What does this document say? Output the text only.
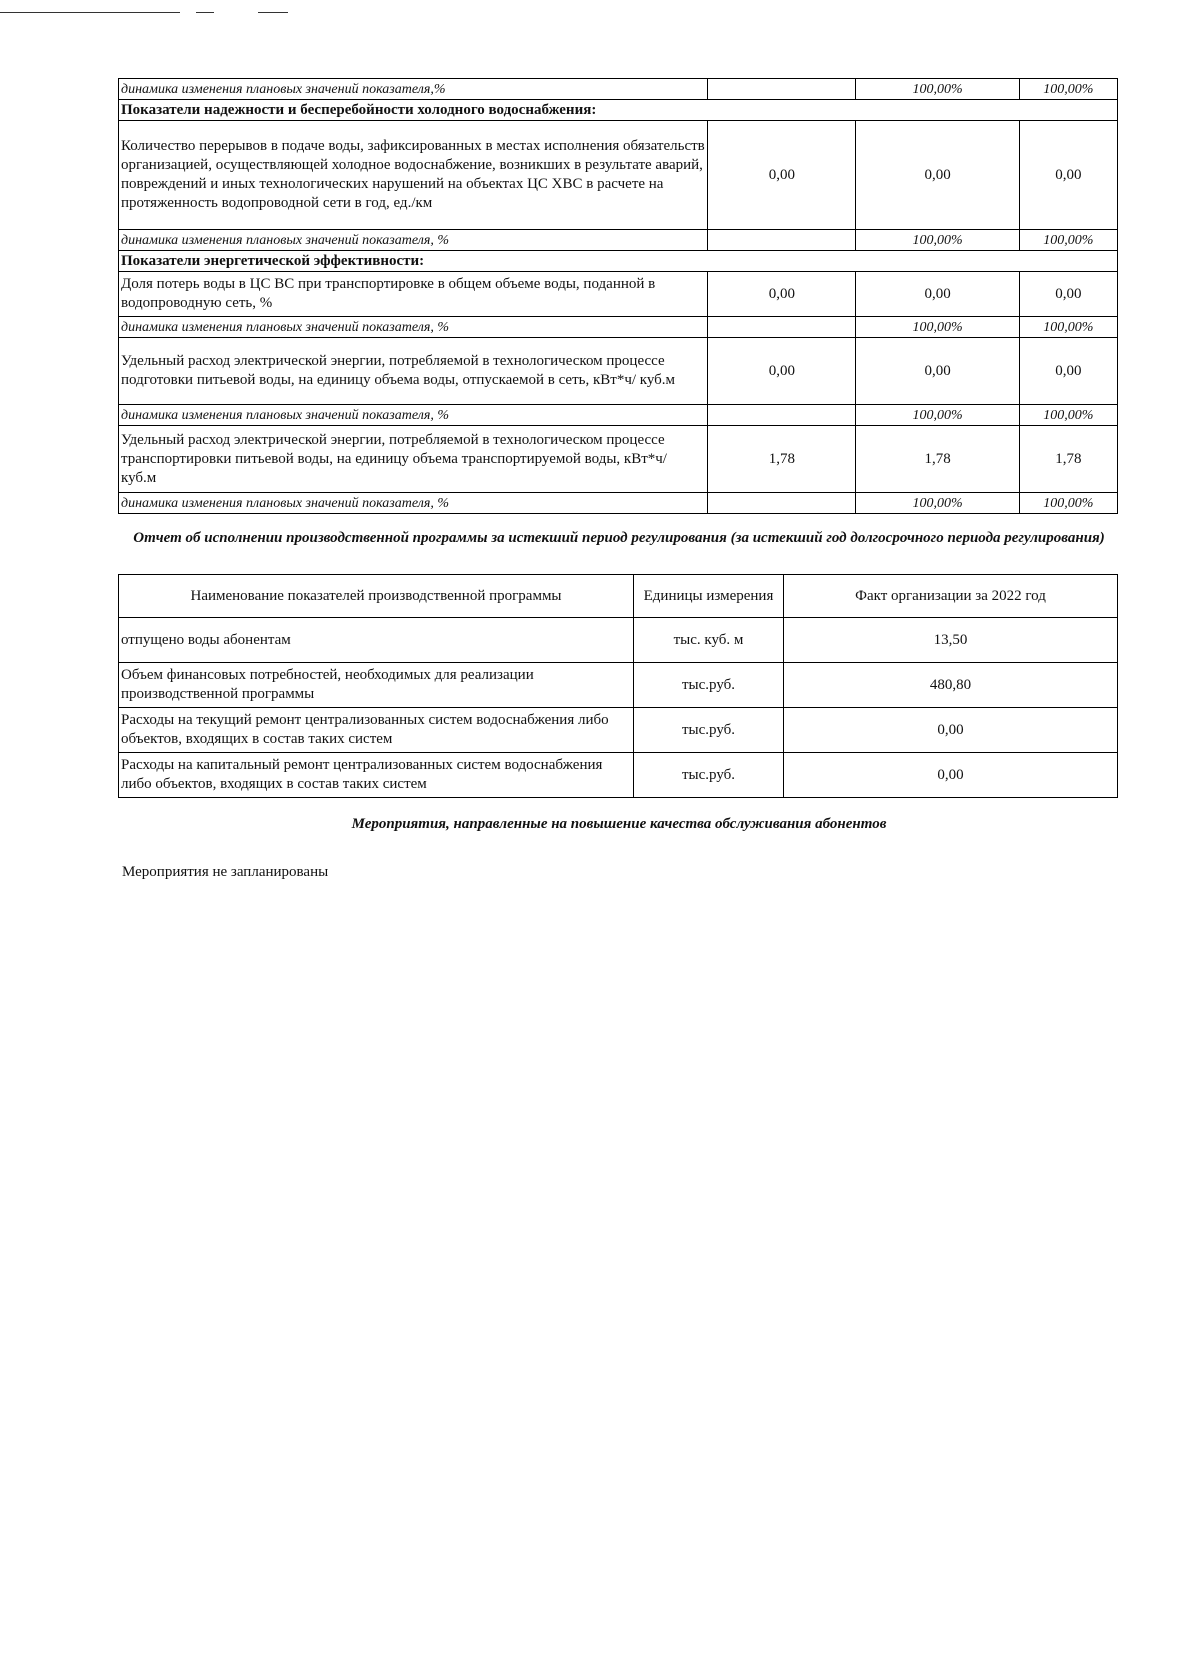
динамика изменения плановых значений показателя,%		100,00%	100,00%
Показатели надежности и бесперебойности холодного водоснабжения:			
Количество перерывов в подаче воды, зафиксированных в местах исполнения обязательств организацией, осуществляющей холодное водоснабжение, возникших в результате аварий, повреждений и иных технологических нарушений на объектах ЦС ХВС в расчете на протяженность водопроводной сети в год, ед./км	0,00	0,00	0,00
динамика изменения плановых значений показателя, %		100,00%	100,00%
Показатели энергетической эффективности:			
Доля потерь воды в ЦС ВС при транспортировке в общем объеме воды, поданной в водопроводную сеть, %	0,00	0,00	0,00
динамика изменения плановых значений показателя, %		100,00%	100,00%
Удельный расход электрической энергии, потребляемой в технологическом процессе подготовки питьевой воды, на единицу объема воды, отпускаемой в сеть, кВт*ч/ куб.м	0,00	0,00	0,00
динамика изменения плановых значений показателя, %		100,00%	100,00%
Удельный расход электрической энергии, потребляемой в технологическом процессе транспортировки питьевой воды, на единицу объема транспортируемой воды, кВт*ч/ куб.м	1,78	1,78	1,78
динамика изменения плановых значений показателя, %		100,00%	100,00%
Отчет об исполнении производственной программы за истекший период регулирования (за истекший год долгосрочного периода регулирования)
Наименование показателей производственной программы	Единицы измерения	Факт организации за 2022 год
отпущено воды абонентам	тыс. куб. м	13,50
Объем финансовых потребностей, необходимых для реализации производственной программы	тыс.руб.	480,80
Расходы на текущий ремонт централизованных систем водоснабжения либо объектов, входящих в состав таких систем	тыс.руб.	0,00
Расходы на капитальный ремонт централизованных систем водоснабжения либо объектов, входящих в состав таких систем	тыс.руб.	0,00
Мероприятия, направленные на повышение качества обслуживания абонентов
Мероприятия не запланированы
